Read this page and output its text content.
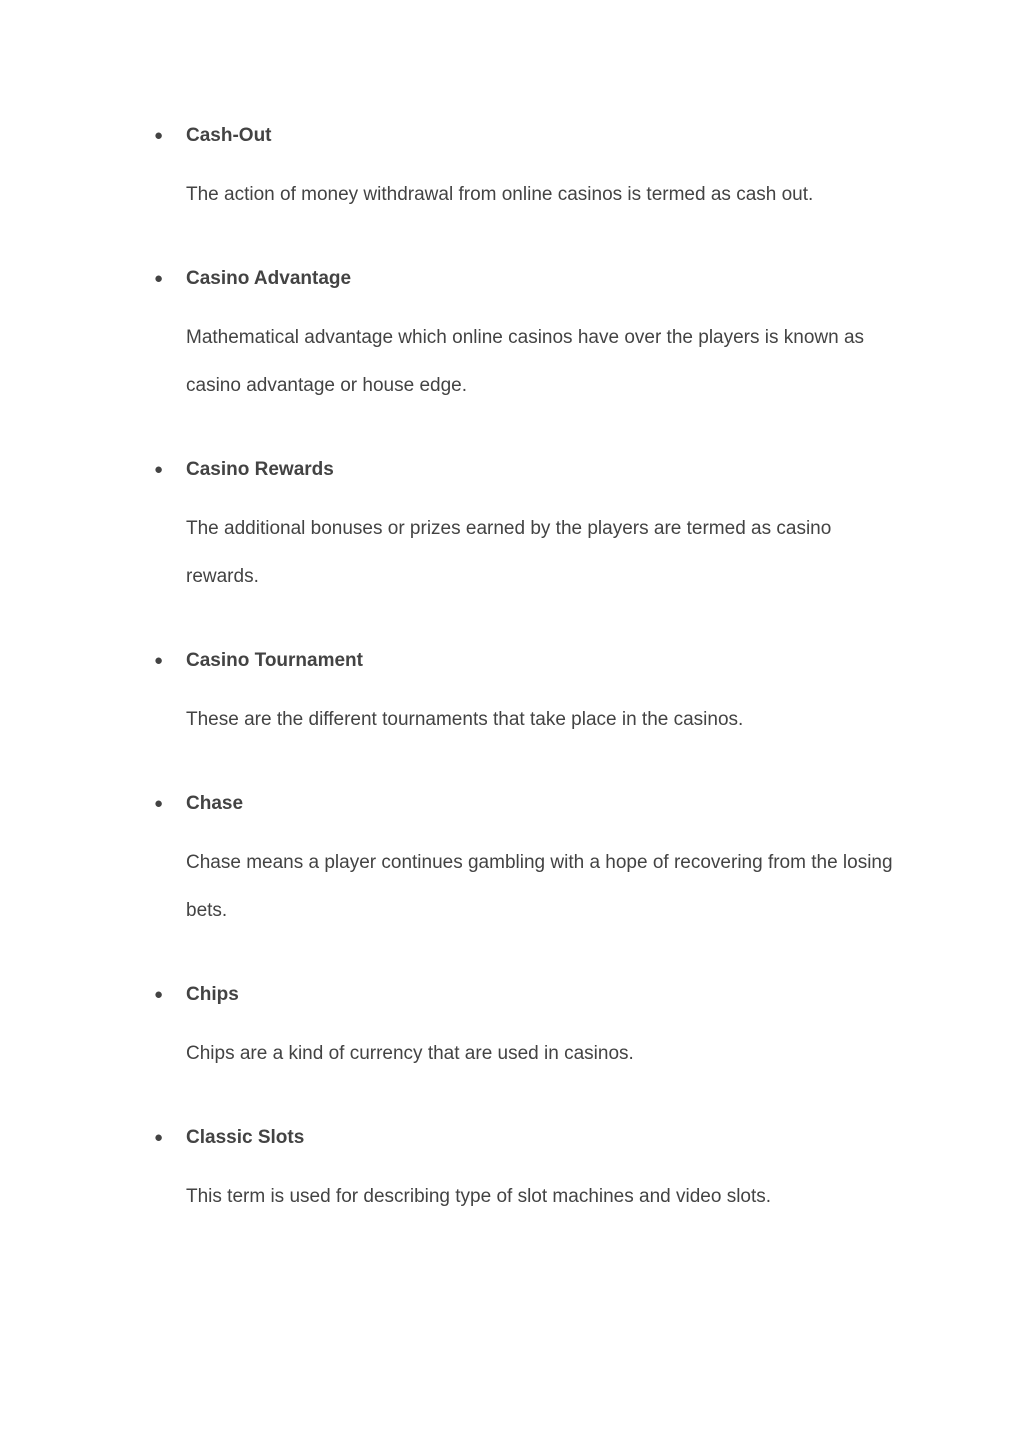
● Cash-Out
The action of money withdrawal from online casinos is termed as cash out.
● Casino Advantage
Mathematical advantage which online casinos have over the players is known as casino advantage or house edge.
● Casino Rewards
The additional bonuses or prizes earned by the players are termed as casino rewards.
● Casino Tournament
These are the different tournaments that take place in the casinos.
● Chase
Chase means a player continues gambling with a hope of recovering from the losing bets.
● Chips
Chips are a kind of currency that are used in casinos.
● Classic Slots
This term is used for describing type of slot machines and video slots.
